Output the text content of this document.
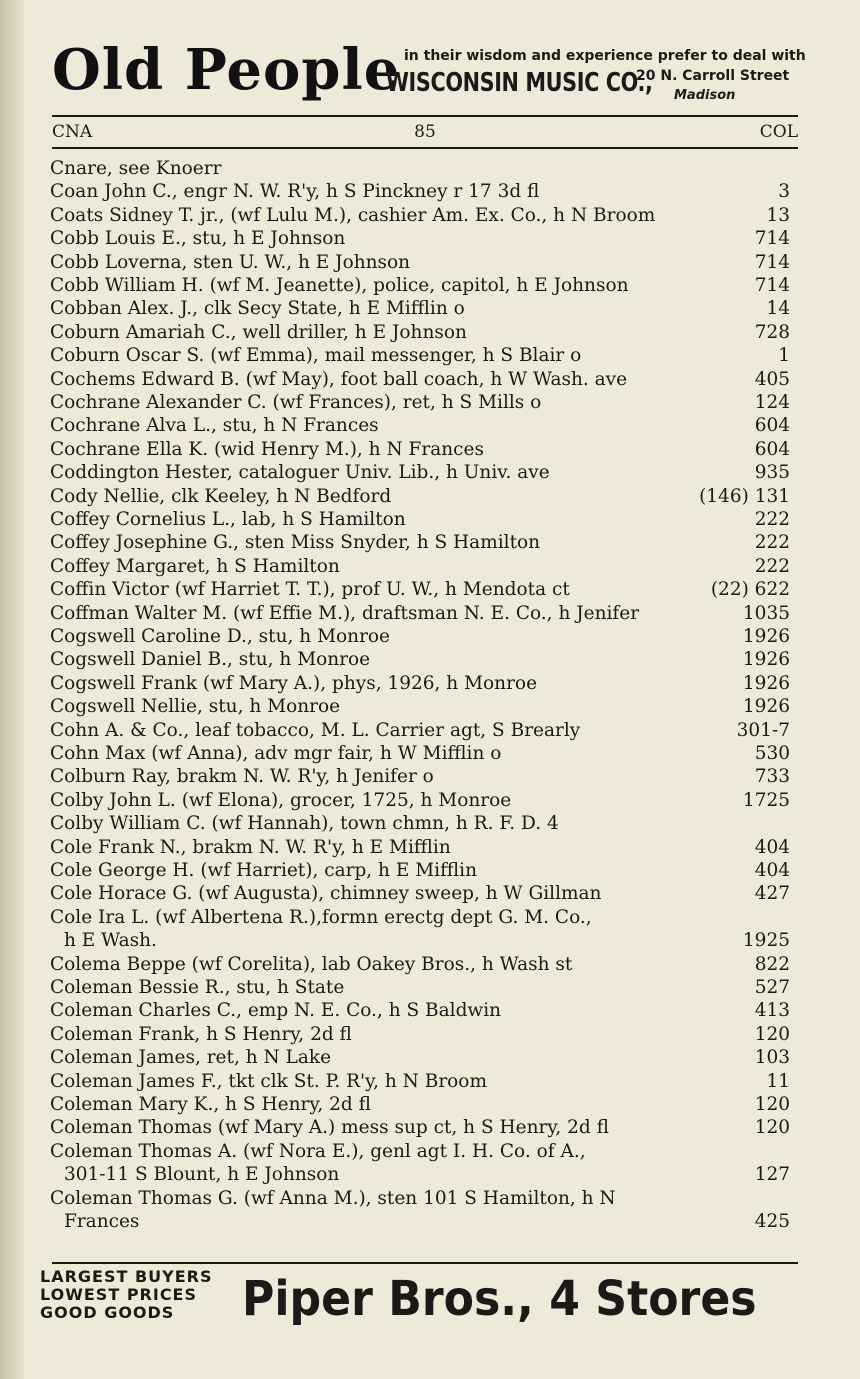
Old People in their wisdom and experience prefer to deal with
WISCONSIN MUSIC CO.,
20 N. Carroll Street
Madison
CNA	85	COL
Cnare, see Knoerr
Coan John C., engr N. W. R'y, h S Pinckney r 17 3d fl	3
Coats Sidney T. jr., (wf Lulu M.), cashier Am. Ex. Co., h N Broom	13
Cobb Louis E., stu, h E Johnson	714
Cobb Loverna, sten U. W., h E Johnson	714
Cobb William H. (wf M. Jeanette), police, capitol, h E Johnson	714
Cobban Alex. J., clk Secy State, h E Mifflin o	14
Coburn Amariah C., well driller, h E Johnson	728
Coburn Oscar S. (wf Emma), mail messenger, h S Blair o	1
Cochems Edward B. (wf May), foot ball coach, h W Wash. ave	405
Cochrane Alexander C. (wf Frances), ret, h S Mills o	124
Cochrane Alva L., stu, h N Frances	604
Cochrane Ella K. (wid Henry M.), h N Frances	604
Coddington Hester, cataloguer Univ. Lib., h Univ. ave	935
Cody Nellie, clk Keeley, h N Bedford	(146) 131
Coffey Cornelius L., lab, h S Hamilton	222
Coffey Josephine G., sten Miss Snyder, h S Hamilton	222
Coffey Margaret, h S Hamilton	222
Coffin Victor (wf Harriet T. T.), prof U. W., h Mendota ct	(22) 622
Coffman Walter M. (wf Effie M.), draftsman N. E. Co., h Jenifer	1035
Cogswell Caroline D., stu, h Monroe	1926
Cogswell Daniel B., stu, h Monroe	1926
Cogswell Frank (wf Mary A.), phys, 1926, h Monroe	1926
Cogswell Nellie, stu, h Monroe	1926
Cohn A. & Co., leaf tobacco, M. L. Carrier agt, S Brearly	301-7
Cohn Max (wf Anna), adv mgr fair, h W Mifflin o	530
Colburn Ray, brakm N. W. R'y, h Jenifer o	733
Colby John L. (wf Elona), grocer, 1725, h Monroe	1725
Colby William C. (wf Hannah), town chmn, h R. F. D. 4
Cole Frank N., brakm N. W. R'y, h E Mifflin	404
Cole George H. (wf Harriet), carp, h E Mifflin	404
Cole Horace G. (wf Augusta), chimney sweep, h W Gillman	427
Cole Ira L. (wf Albertena R.),formn erectg dept G. M. Co.,
h E Wash.	1925
Colema Beppe (wf Corelita), lab Oakey Bros., h Wash st	822
Coleman Bessie R., stu, h State	527
Coleman Charles C., emp N. E. Co., h S Baldwin	413
Coleman Frank, h S Henry, 2d fl	120
Coleman James, ret, h N Lake	103
Coleman James F., tkt clk St. P. R'y, h N Broom	11
Coleman Mary K., h S Henry, 2d fl	120
Coleman Thomas (wf Mary A.) mess sup ct, h S Henry, 2d fl	120
Coleman Thomas A. (wf Nora E.), genl agt I. H. Co. of A.,
301-11 S Blount, h E Johnson	127
Coleman Thomas G. (wf Anna M.), sten 101 S Hamilton, h N
Frances	425
LARGEST BUYERS
LOWEST PRICES
GOOD GOODS	Piper Bros., 4 Stores
